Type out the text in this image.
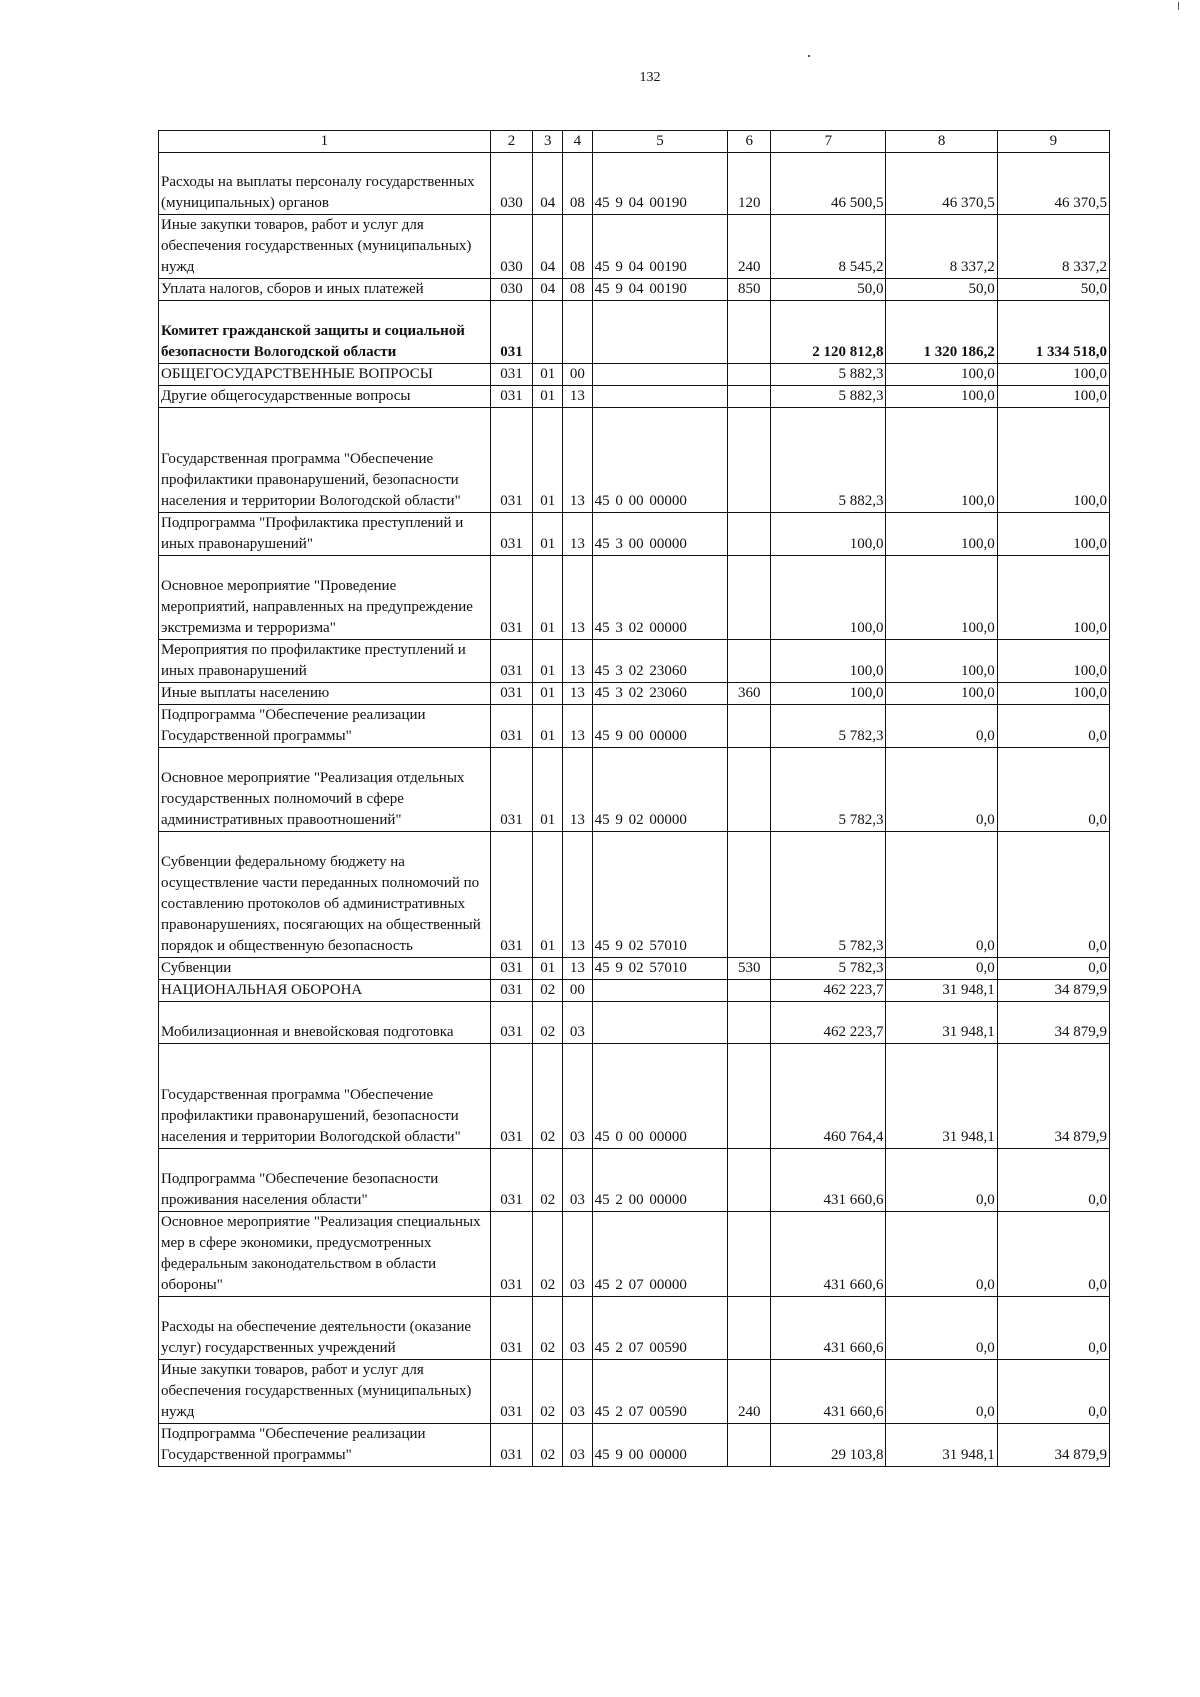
132
1	2	3	4	5	6	7	8	9
Расходы на выплаты персоналу государственных (муниципальных) органов	030	04	08	45 9 04 00190	120	46 500,5	46 370,5	46 370,5
Иные закупки товаров, работ и услуг для обеспечения государственных (муниципальных) нужд	030	04	08	45 9 04 00190	240	8 545,2	8 337,2	8 337,2
Уплата налогов, сборов и иных платежей	030	04	08	45 9 04 00190	850	50,0	50,0	50,0
Комитет гражданской защиты и социальной безопасности Вологодской области	031					2 120 812,8	1 320 186,2	1 334 518,0
ОБЩЕГОСУДАРСТВЕННЫЕ ВОПРОСЫ	031	01	00			5 882,3	100,0	100,0
Другие общегосударственные вопросы	031	01	13			5 882,3	100,0	100,0
Государственная программа "Обеспечение профилактики правонарушений, безопасности населения и территории Вологодской области"	031	01	13	45 0 00 00000		5 882,3	100,0	100,0
Подпрограмма "Профилактика преступлений и иных правонарушений"	031	01	13	45 3 00 00000		100,0	100,0	100,0
Основное мероприятие "Проведение мероприятий, направленных на предупреждение экстремизма и терроризма"	031	01	13	45 3 02 00000		100,0	100,0	100,0
Мероприятия по профилактике преступлений и иных правонарушений	031	01	13	45 3 02 23060		100,0	100,0	100,0
Иные выплаты населению	031	01	13	45 3 02 23060	360	100,0	100,0	100,0
Подпрограмма "Обеспечение реализации Государственной программы"	031	01	13	45 9 00 00000		5 782,3	0,0	0,0
Основное мероприятие "Реализация отдельных государственных полномочий в сфере административных правоотношений"	031	01	13	45 9 02 00000		5 782,3	0,0	0,0
Субвенции федеральному бюджету на осуществление части переданных полномочий по составлению протоколов об административных правонарушениях, посягающих на общественный порядок и общественную безопасность	031	01	13	45 9 02 57010		5 782,3	0,0	0,0
Субвенции	031	01	13	45 9 02 57010	530	5 782,3	0,0	0,0
НАЦИОНАЛЬНАЯ ОБОРОНА	031	02	00			462 223,7	31 948,1	34 879,9
Мобилизационная и вневойсковая подготовка	031	02	03			462 223,7	31 948,1	34 879,9
Государственная программа "Обеспечение профилактики правонарушений, безопасности населения и территории Вологодской области"	031	02	03	45 0 00 00000		460 764,4	31 948,1	34 879,9
Подпрограмма "Обеспечение безопасности проживания населения области"	031	02	03	45 2 00 00000		431 660,6	0,0	0,0
Основное мероприятие "Реализация специальных мер в сфере экономики, предусмотренных федеральным законодательством в области обороны"	031	02	03	45 2 07 00000		431 660,6	0,0	0,0
Расходы на обеспечение деятельности (оказание услуг) государственных учреждений	031	02	03	45 2 07 00590		431 660,6	0,0	0,0
Иные закупки товаров, работ и услуг для обеспечения государственных (муниципальных) нужд	031	02	03	45 2 07 00590	240	431 660,6	0,0	0,0
Подпрограмма "Обеспечение реализации Государственной программы"	031	02	03	45 9 00 00000		29 103,8	31 948,1	34 879,9
